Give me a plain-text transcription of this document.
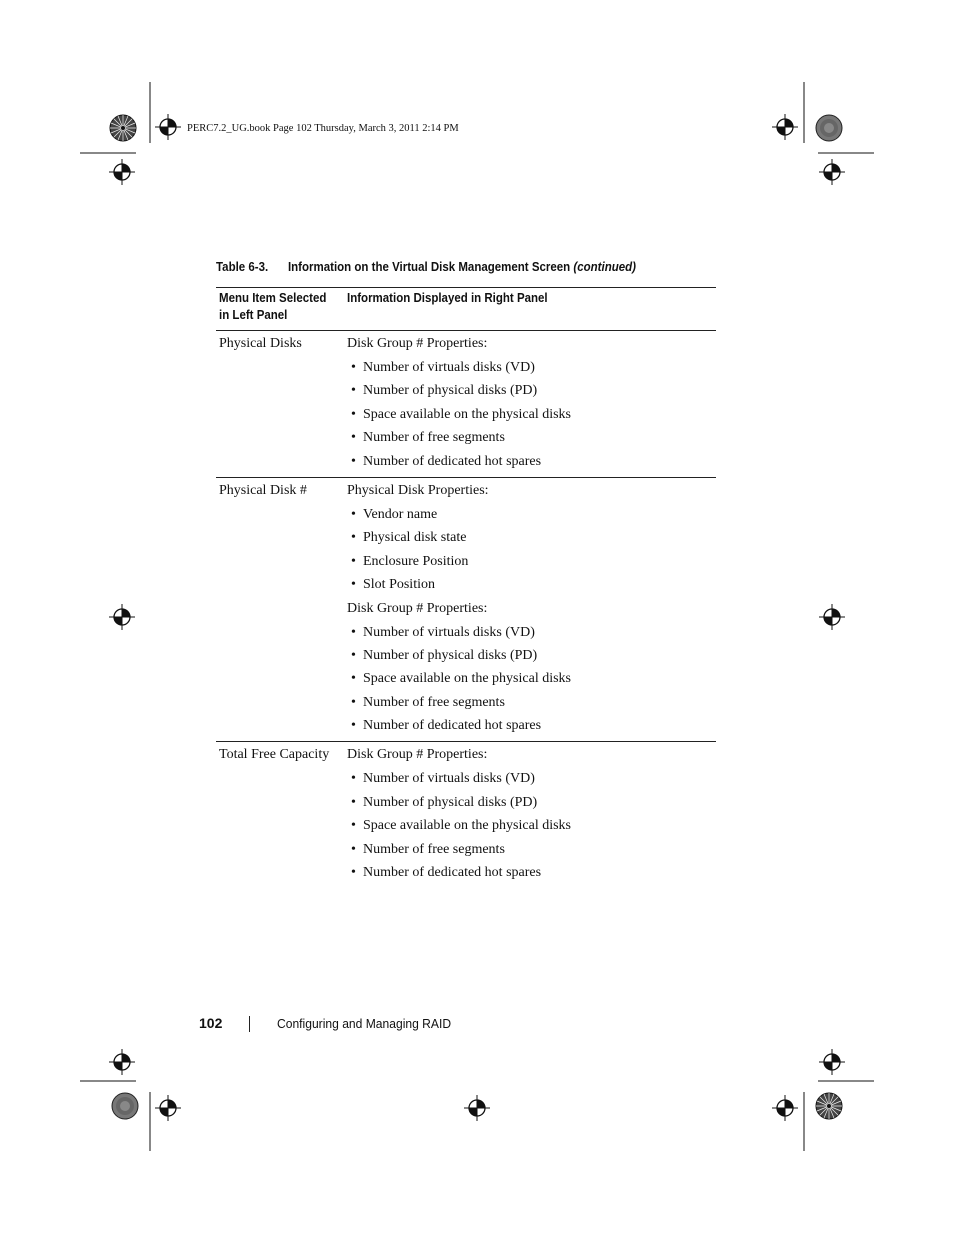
PERC7.2_UG.book Page 102 Thursday, March 3, 2011 2:14 PM
Table 6-3. Information on the Virtual Disk Management Screen (continued)
Menu Item Selected in Left Panel
Information Displayed in Right Panel
Physical Disks	Disk Group # Properties:
• Number of virtuals disks (VD)
• Number of physical disks (PD)
• Space available on the physical disks
• Number of free segments
• Number of dedicated hot spares
Physical Disk #	Physical Disk Properties:
• Vendor name
• Physical disk state
• Enclosure Position
• Slot Position
Disk Group # Properties:
• Number of virtuals disks (VD)
• Number of physical disks (PD)
• Space available on the physical disks
• Number of free segments
• Number of dedicated hot spares
Total Free Capacity	Disk Group # Properties:
• Number of virtuals disks (VD)
• Number of physical disks (PD)
• Space available on the physical disks
• Number of free segments
• Number of dedicated hot spares
102	Configuring and Managing RAID
